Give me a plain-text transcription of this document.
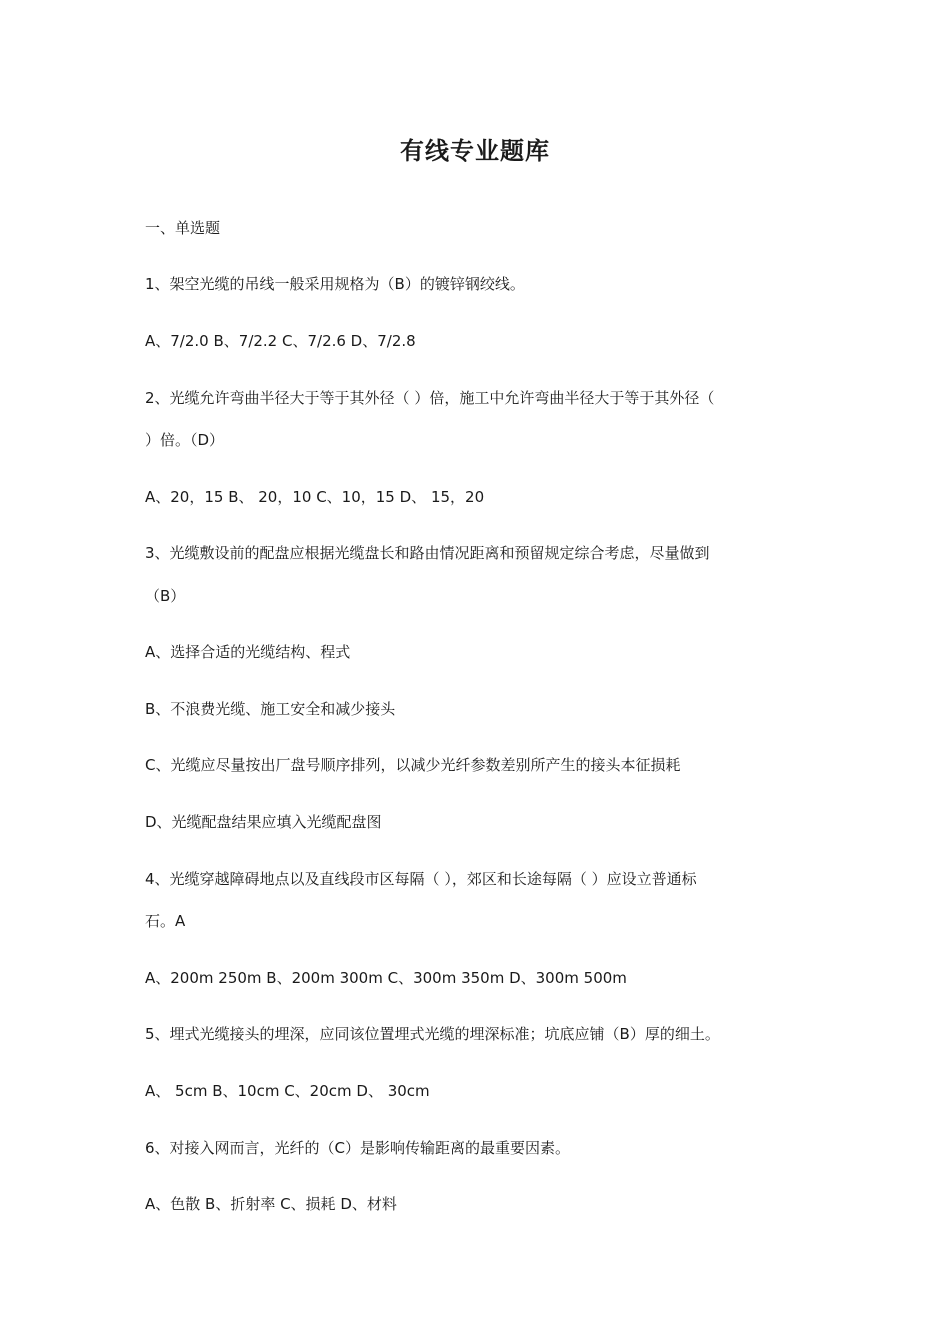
有线专业题库
一、单选题
1、架空光缆的吊线一般采用规格为（B）的镀锌钢绞线。
A、7/2.0 B、7/2.2 C、7/2.6 D、7/2.8
2、光缆允许弯曲半径大于等于其外径（ ）倍，施工中允许弯曲半径大于等于其外径（
）倍。（D）
A、20，15 B、 20，10 C、10，15 D、 15，20
3、光缆敷设前的配盘应根据光缆盘长和路由情况距离和预留规定综合考虑，尽量做到
（B）
A、选择合适的光缆结构、程式
B、不浪费光缆、施工安全和减少接头
C、光缆应尽量按出厂盘号顺序排列，以减少光纤参数差别所产生的接头本征损耗
D、光缆配盘结果应填入光缆配盘图
4、光缆穿越障碍地点以及直线段市区每隔（ ），郊区和长途每隔（ ）应设立普通标
石。A
A、200m 250m B、200m 300m C、300m 350m D、300m 500m
5、埋式光缆接头的埋深，应同该位置埋式光缆的埋深标准；坑底应铺（B）厚的细土。
A、 5cm B、10cm C、20cm D、 30cm
6、对接入网而言，光纤的（C）是影响传输距离的最重要因素。
A、色散 B、折射率 C、损耗 D、材料
